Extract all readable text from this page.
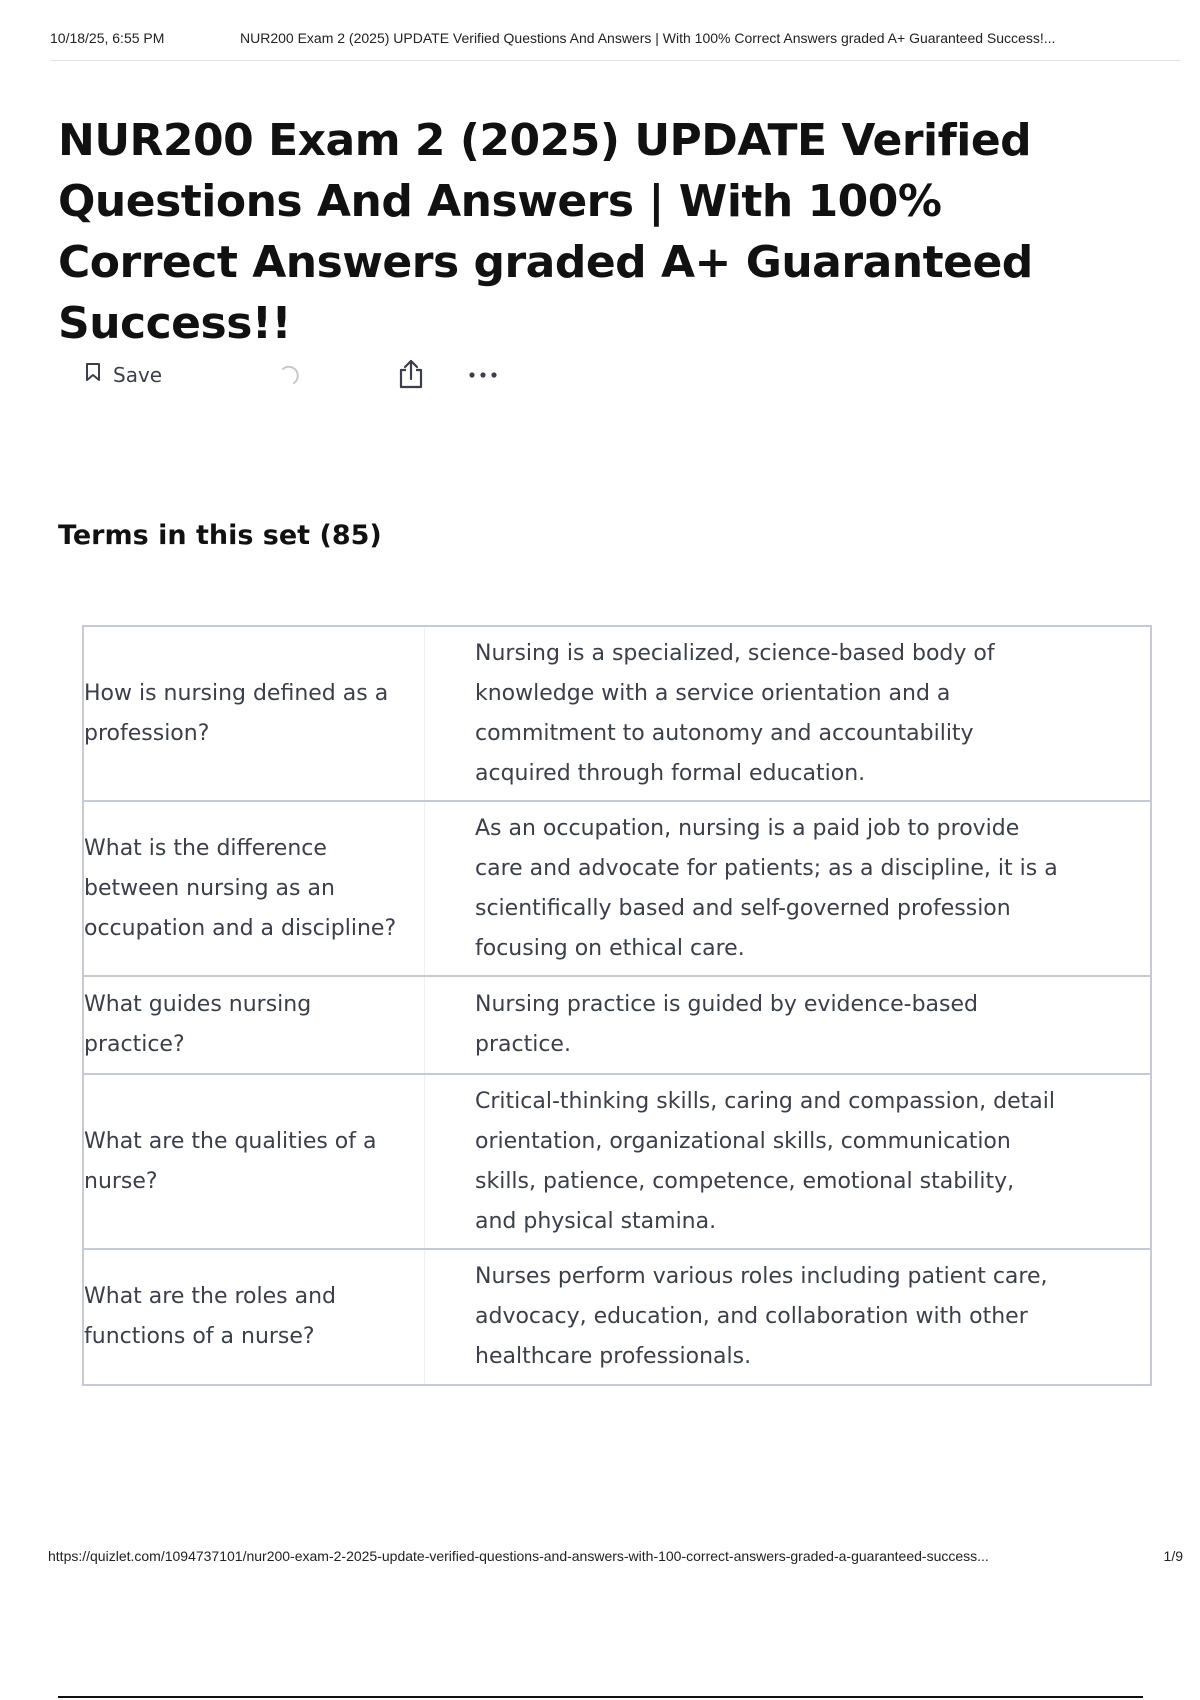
10/18/25, 6:55 PM	NUR200 Exam 2 (2025) UPDATE Verified Questions And Answers | With 100% Correct Answers graded A+ Guaranteed Success!...
NUR200 Exam 2 (2025) UPDATE Verified Questions And Answers | With 100% Correct Answers graded A+ Guaranteed Success!!
Save
Terms in this set (85)
How is nursing defined as a profession?	Nursing is a specialized, science-based body of knowledge with a service orientation and a commitment to autonomy and accountability acquired through formal education.
What is the difference between nursing as an occupation and a discipline?	As an occupation, nursing is a paid job to provide care and advocate for patients; as a discipline, it is a scientifically based and self-governed profession focusing on ethical care.
What guides nursing practice?	Nursing practice is guided by evidence-based practice.
What are the qualities of a nurse?	Critical-thinking skills, caring and compassion, detail orientation, organizational skills, communication skills, patience, competence, emotional stability, and physical stamina.
What are the roles and functions of a nurse?	Nurses perform various roles including patient care, advocacy, education, and collaboration with other healthcare professionals.
https://quizlet.com/1094737101/nur200-exam-2-2025-update-verified-questions-and-answers-with-100-correct-answers-graded-a-guaranteed-success...	1/9
